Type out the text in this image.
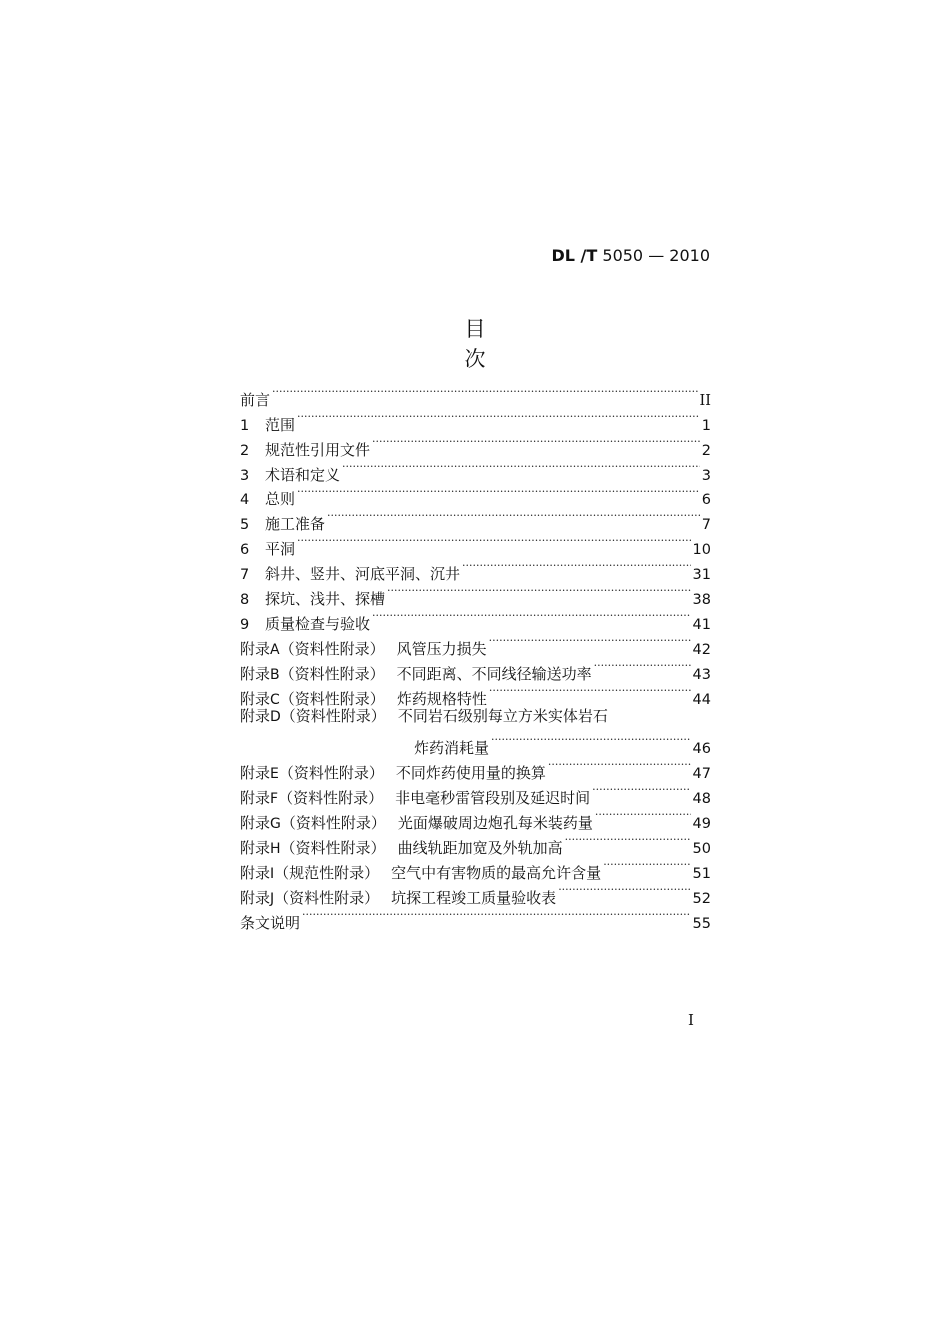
DL /T 5050 — 2010
目 次
前言 ·····	II
1	范围 ·····	1
2	规范性引用文件 ·····	2
3	术语和定义 ·····	3
4	总则 ·····	6
5	施工准备 ·····	7
6	平洞 ·····	10
7	斜井、竖井、河底平洞、沉井 ·····	31
8	探坑、浅井、探槽 ·····	38
9	质量检查与验收 ·····	41
附录 A （资料性附录） 风管压力损失 ·····	42
附录 B （资料性附录） 不同距离、不同线径输送功率 ·····	43
附录 C （资料性附录） 炸药规格特性 ·····	44
附录 D （资料性附录） 不同岩石级别每立方米实体岩石
炸药消耗量 ·····	46
附录 E （资料性附录） 不同炸药使用量的换算 ·····	47
附录 F （资料性附录） 非电毫秒雷管段别及延迟时间 ·····	48
附录 G （资料性附录） 光面爆破周边炮孔每米装药量 ·····	49
附录 H （资料性附录） 曲线轨距加宽及外轨加高 ·····	50
附录 I （规范性附录） 空气中有害物质的最高允许含量 ·····	51
附录 J （资料性附录） 坑探工程竣工质量验收表 ·····	52
条文说明 ·····	55
I
